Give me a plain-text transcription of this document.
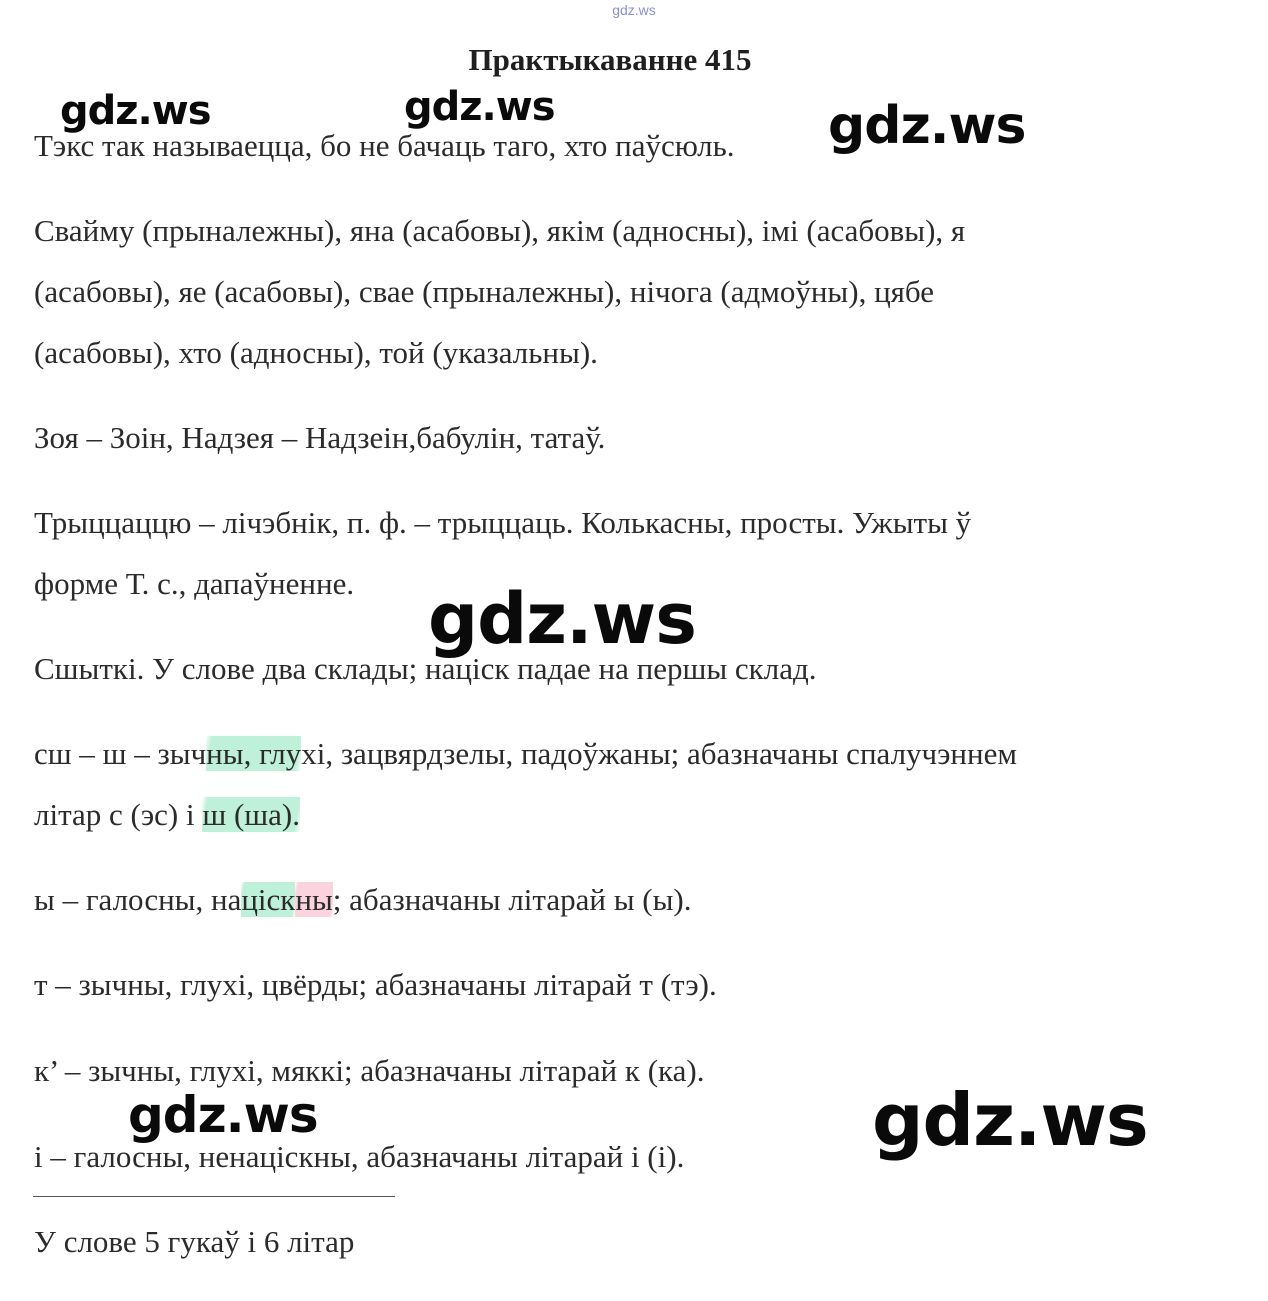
gdz.ws
Практыкаванне 415
Тэкс так называецца, бо не бачаць таго, хто паўсюль.
Свайму (прыналежны), яна (асабовы), якім (адносны), імі (асабовы), я
(асабовы), яе (асабовы), свае (прыналежны), нічога (адмоўны), цябе
(асабовы), хто (адносны), той (указальны).
Зоя – Зоін, Надзея – Надзеін,бабулін, татаў.
Трыццаццю – лічэбнік, п. ф. – трыццаць. Колькасны, просты. Ужыты ў
форме Т. с., дапаўненне.
Сшыткі. У слове два склады; націск падае на першы склад.
сш – ш – зычны, глухі, зацвярдзелы, падоўжаны; абазначаны спалучэннем
літар с (эс) і ш (ша).
ы – галосны, націскны; абазначаны літарай ы (ы).
т – зычны, глухі, цвёрды; абазначаны літарай т (тэ).
к’ – зычны, глухі, мяккі; абазначаны літарай к (ка).
і – галосны, ненаціскны, абазначаны літарай і (і).
У слове 5 гукаў і 6 літар
gdz.ws	gdz.ws	gdz.ws
gdz.ws
gdz.ws	gdz.ws
